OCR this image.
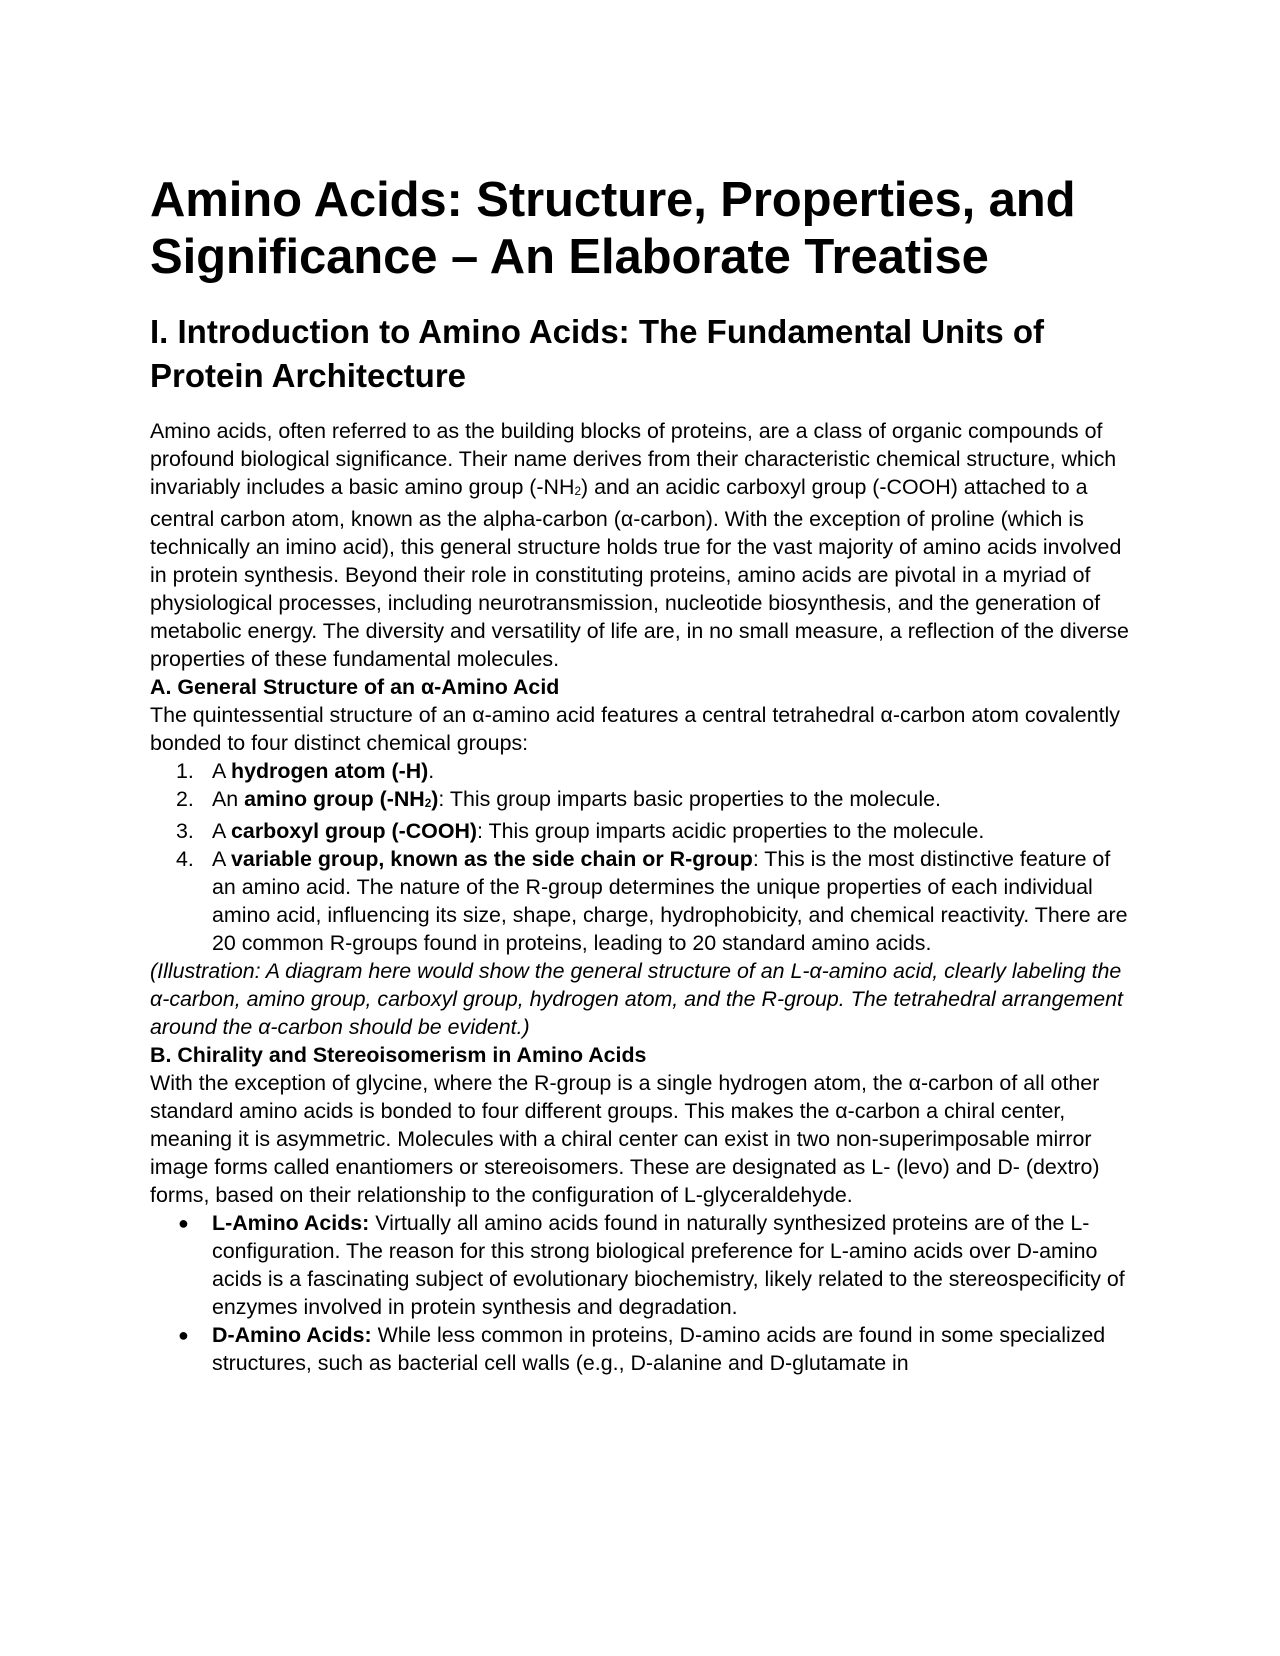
Amino Acids: Structure, Properties, and Significance – An Elaborate Treatise
I. Introduction to Amino Acids: The Fundamental Units of Protein Architecture

Amino acids, often referred to as the building blocks of proteins, are a class of organic compounds of profound biological significance. Their name derives from their characteristic chemical structure, which invariably includes a basic amino group $(-NH_2)$ and an acidic carboxyl group (-COOH) attached to a central carbon atom, known as the alpha-carbon (α-carbon). With the exception of proline (which is technically an imino acid), this general structure holds true for the vast majority of amino acids involved in protein synthesis. Beyond their role in constituting proteins, amino acids are pivotal in a myriad of physiological processes, including neurotransmission, nucleotide biosynthesis, and the generation of metabolic energy. The diversity and versatility of life are, in no small measure, a reflection of the diverse properties of these fundamental molecules.

A. General Structure of an α-Amino Acid

The quintessential structure of an α-amino acid features a central tetrahedral α-carbon atom covalently bonded to four distinct chemical groups:

1. A hydrogen atom (-H).
2. An amino group $(-NH_2)$: This group imparts basic properties to the molecule.
3. A carboxyl group (-COOH): This group imparts acidic properties to the molecule.
4. A variable group, known as the side chain or R-group: This is the most distinctive feature of an amino acid. The nature of the R-group determines the unique properties of each individual amino acid, influencing its size, shape, charge, hydrophobicity, and chemical reactivity. There are 20 common R-groups found in proteins, leading to 20 standard amino acids.

(Illustration: A diagram here would show the general structure of an L-α-amino acid, clearly labeling the α-carbon, amino group, carboxyl group, hydrogen atom, and the R-group. The tetrahedral arrangement around the α-carbon should be evident.)

B. Chirality and Stereoisomerism in Amino Acids

With the exception of glycine, where the R-group is a single hydrogen atom, the α-carbon of all other standard amino acids is bonded to four different groups. This makes the α-carbon a chiral center, meaning it is asymmetric. Molecules with a chiral center can exist in two non-superimposable mirror image forms called enantiomers or stereoisomers. These are designated as L- (levo) and D- (dextro) forms, based on their relationship to the configuration of L-glyceraldehyde.

● L-Amino Acids: Virtually all amino acids found in naturally synthesized proteins are of the L-configuration. The reason for this strong biological preference for L-amino acids over D-amino acids is a fascinating subject of evolutionary biochemistry, likely related to the stereospecificity of enzymes involved in protein synthesis and degradation.
● D-Amino Acids: While less common in proteins, D-amino acids are found in some specialized structures, such as bacterial cell walls (e.g., D-alanine and D-glutamate in
